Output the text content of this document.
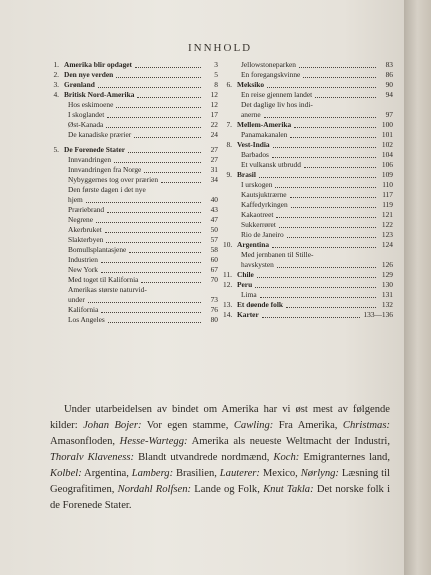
INNHOLD
1. Amerika blir opdaget	3
2. Den nye verden	5
3. Grønland	8
4. Britisk Nord-Amerika	12
Hos eskimoene	12
I skoglandet	17
Øst-Kanada	22
De kanadiske prærier	24
5. De Forenede Stater	27
Innvandringen	27
Innvandringen fra Norge	31
Nybyggernes tog over prærien	34
Den første dagen i det nye
hjem	40
Præriebrand	43
Negrene	47
Akerbruket	50
Slakterbyen	57
Bomullsplantasjene	58
Industrien	60
New York	67
Med toget til Kalifornia	70
Amerikas største naturvid-
under	73
Kalifornia	76
Los Angeles	80
Jellowstoneparken	83
En foregangskvinne	86
6. Meksiko	90
En reise gjennem landet	94
Det daglige liv hos indi-
anerne	97
7. Mellem-Amerika	100
Panamakanalen	101
8. Vest-India	102
Barbados	104
Et vulkansk utbrudd	106
9. Brasil	109
I urskogen	110
Kautsjuktrærne	117
Kaffedyrkingen	119
Kakaotreet	121
Sukkerrøret	122
Rio de Janeiro	123
10. Argentina	124
Med jernbanen til Stille-
havskysten	126
11. Chile	129
12. Peru	130
Lima	131
13. Et døende folk	132
14. Karter	133—136
Under utarbeidelsen av bindet om Amerika har vi øst mest av følgende kilder: Johan Bojer: Vor egen stamme, Cawling: Fra Amerika, Christmas: Amasonfloden, Hesse-Wartegg: Amerika als neueste Weltmacht der Industri, Thoralv Klaveness: Blandt utvandrede nordmænd, Koch: Emigranternes land, Kolbel: Argentina, Lamberg: Brasilien, Lauterer: Mexico, Nørlyng: Læsning til Geografitimen, Nordahl Rolfsen: Lande og Folk, Knut Takla: Det norske folk i de Forenede Stater.
